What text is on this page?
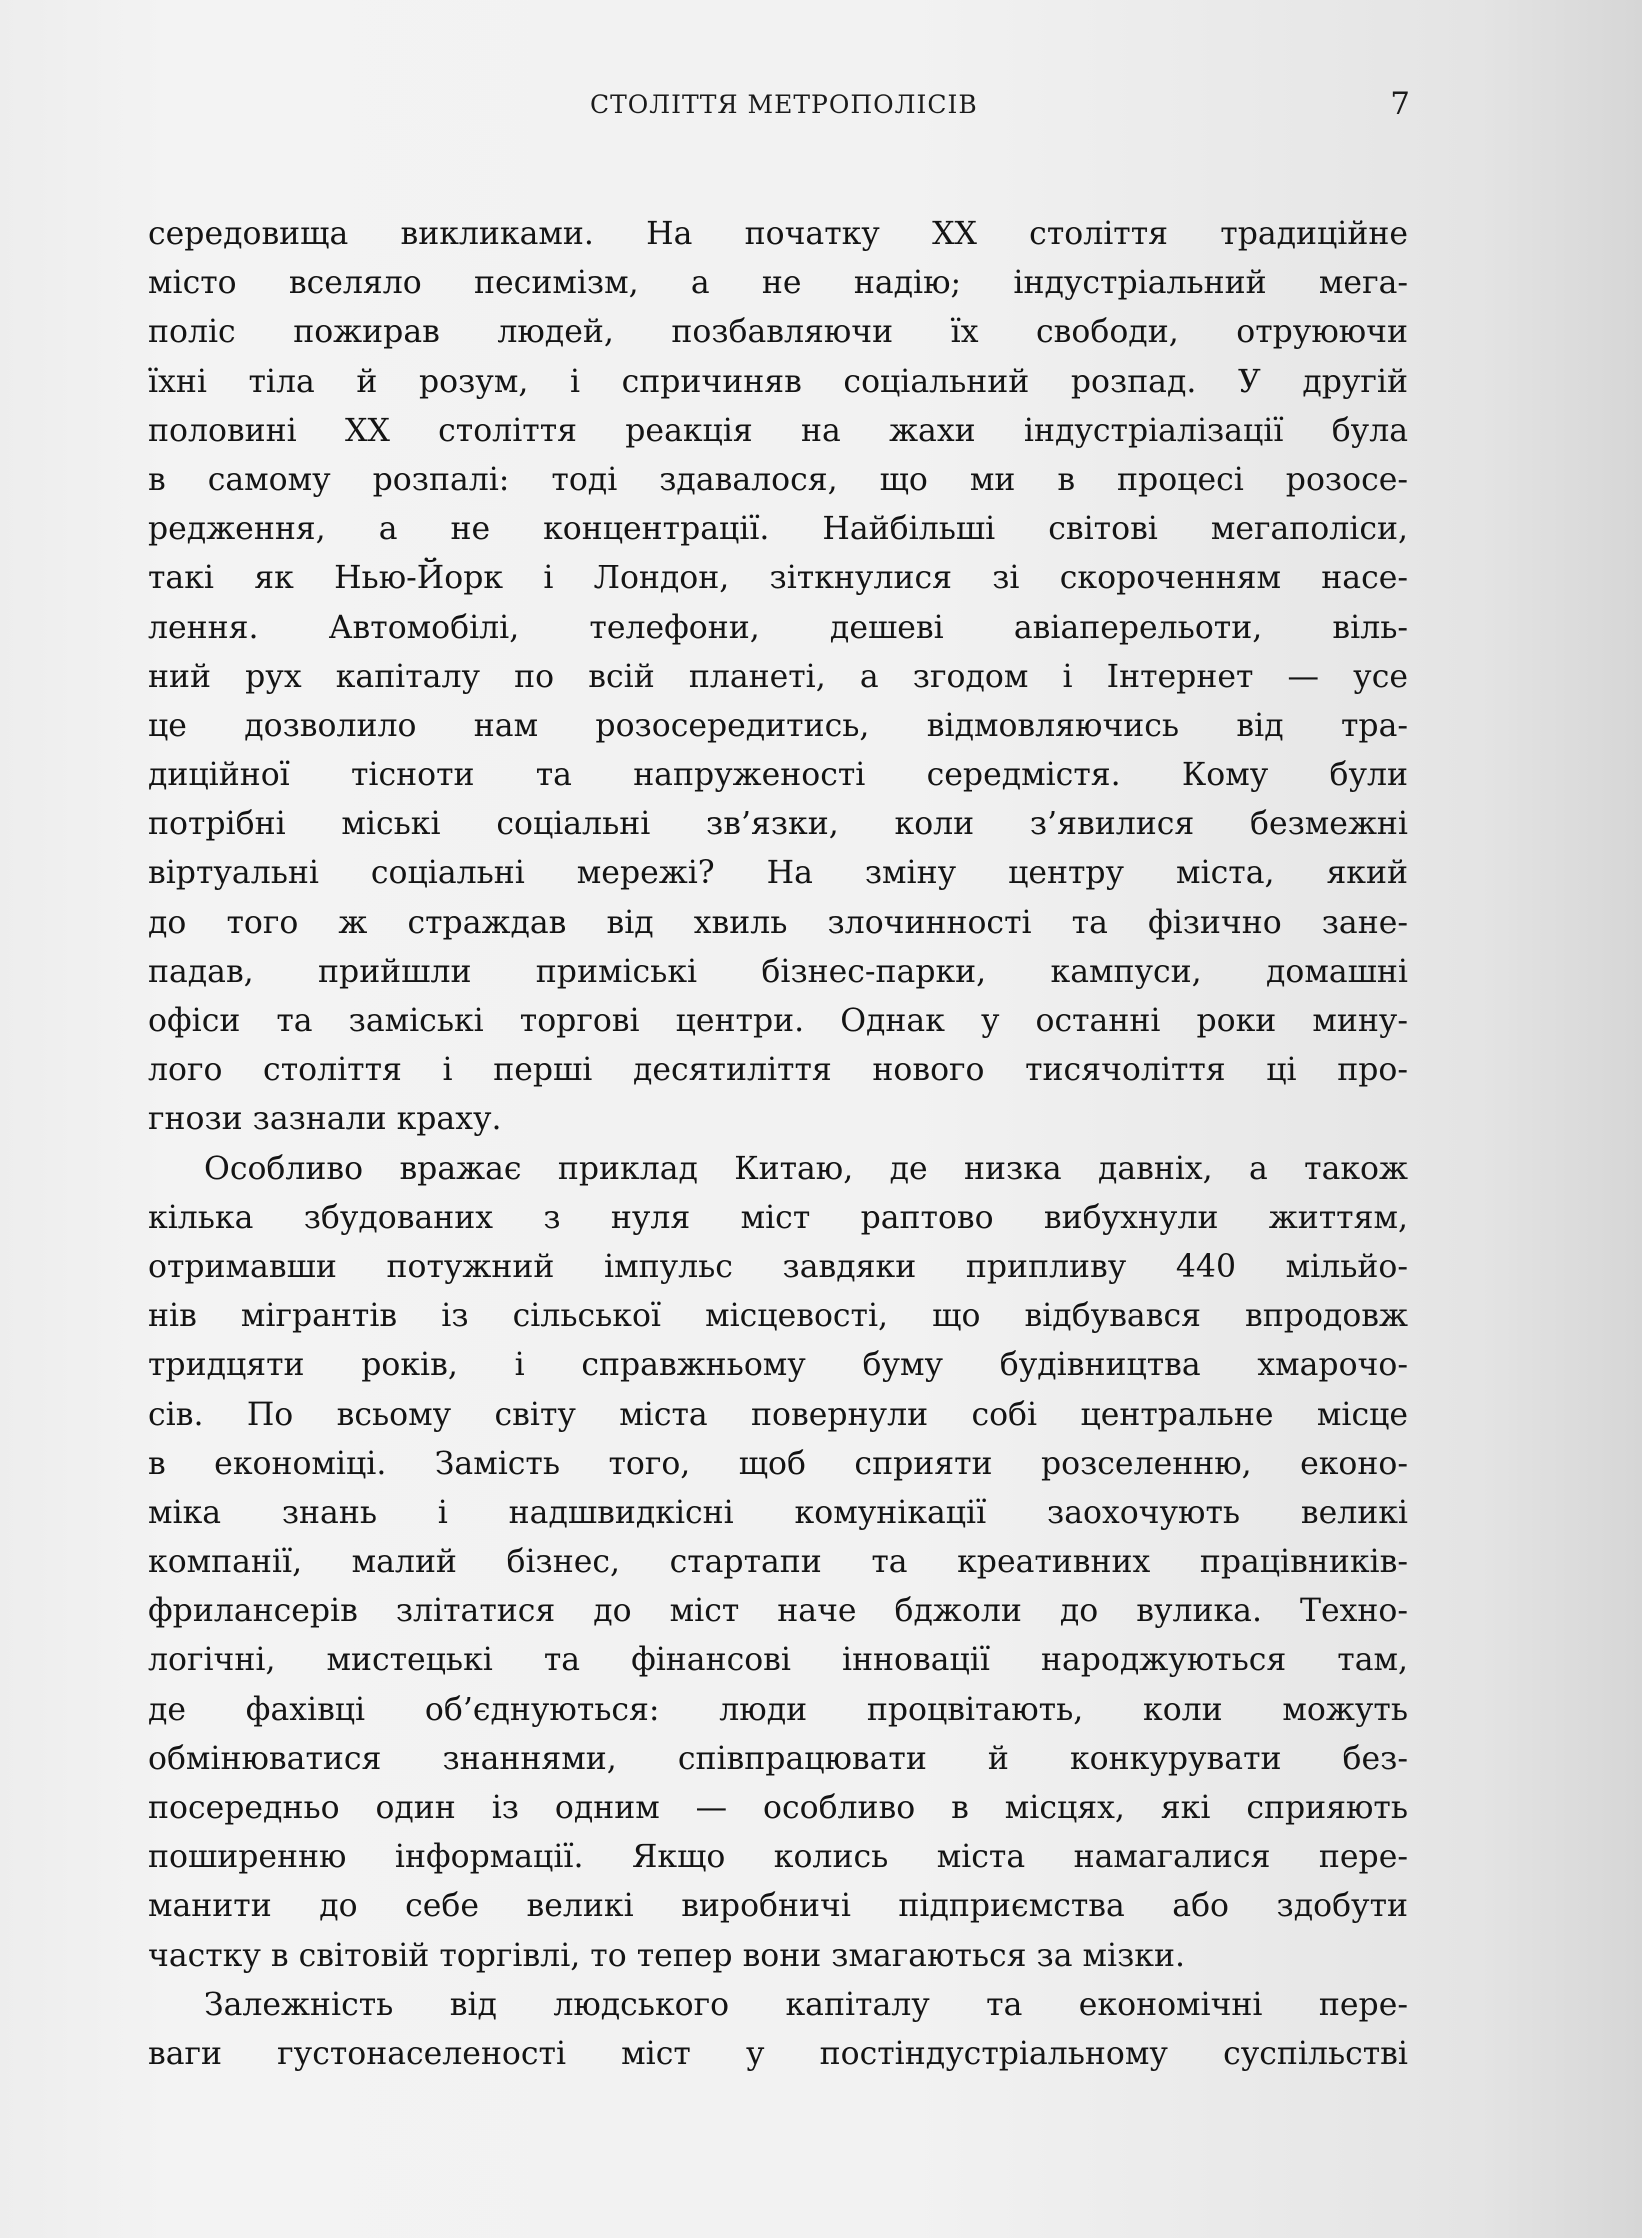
СТОЛІТТЯ МЕТРОПОЛІСІВ	7
середовища викликами. На початку XX століття традиційне
місто вселяло песимізм, а не надію; індустріальний мега-
поліс пожирав людей, позбавляючи їх свободи, отруюючи
їхні тіла й розум, і спричиняв соціальний розпад. У другій
половині XX століття реакція на жахи індустріалізації була
в самому розпалі: тоді здавалося, що ми в процесі розосе-
редження, а не концентрації. Найбільші світові мегаполіси,
такі як Нью-Йорк і Лондон, зіткнулися зі скороченням насе-
лення. Автомобілі, телефони, дешеві авіаперельоти, віль-
ний рух капіталу по всій планеті, а згодом і Інтернет — усе
це дозволило нам розосередитись, відмовляючись від тра-
диційної тісноти та напруженості середмістя. Кому були
потрібні міські соціальні зв’язки, коли з’явилися безмежні
віртуальні соціальні мережі? На зміну центру міста, який
до того ж страждав від хвиль злочинності та фізично зане-
падав, прийшли приміські бізнес-парки, кампуси, домашні
офіси та заміські торгові центри. Однак у останні роки мину-
лого століття і перші десятиліття нового тисячоліття ці про-
гнози зазнали краху.
Особливо вражає приклад Китаю, де низка давніх, а також
кілька збудованих з нуля міст раптово вибухнули життям,
отримавши потужний імпульс завдяки припливу 440 мільйо-
нів мігрантів із сільської місцевості, що відбувався впродовж
тридцяти років, і справжньому буму будівництва хмарочо-
сів. По всьому світу міста повернули собі центральне місце
в економіці. Замість того, щоб сприяти розселенню, еконо-
міка знань і надшвидкісні комунікації заохочують великі
компанії, малий бізнес, стартапи та креативних працівників-
фрилансерів злітатися до міст наче бджоли до вулика. Техно-
логічні, мистецькі та фінансові інновації народжуються там,
де фахівці об’єднуються: люди процвітають, коли можуть
обмінюватися знаннями, співпрацювати й конкурувати без-
посередньо один із одним — особливо в місцях, які сприяють
поширенню інформації. Якщо колись міста намагалися пере-
манити до себе великі виробничі підприємства або здобути
частку в світовій торгівлі, то тепер вони змагаються за мізки.
Залежність від людського капіталу та економічні пере-
ваги густонаселеності міст у постіндустріальному суспільстві
